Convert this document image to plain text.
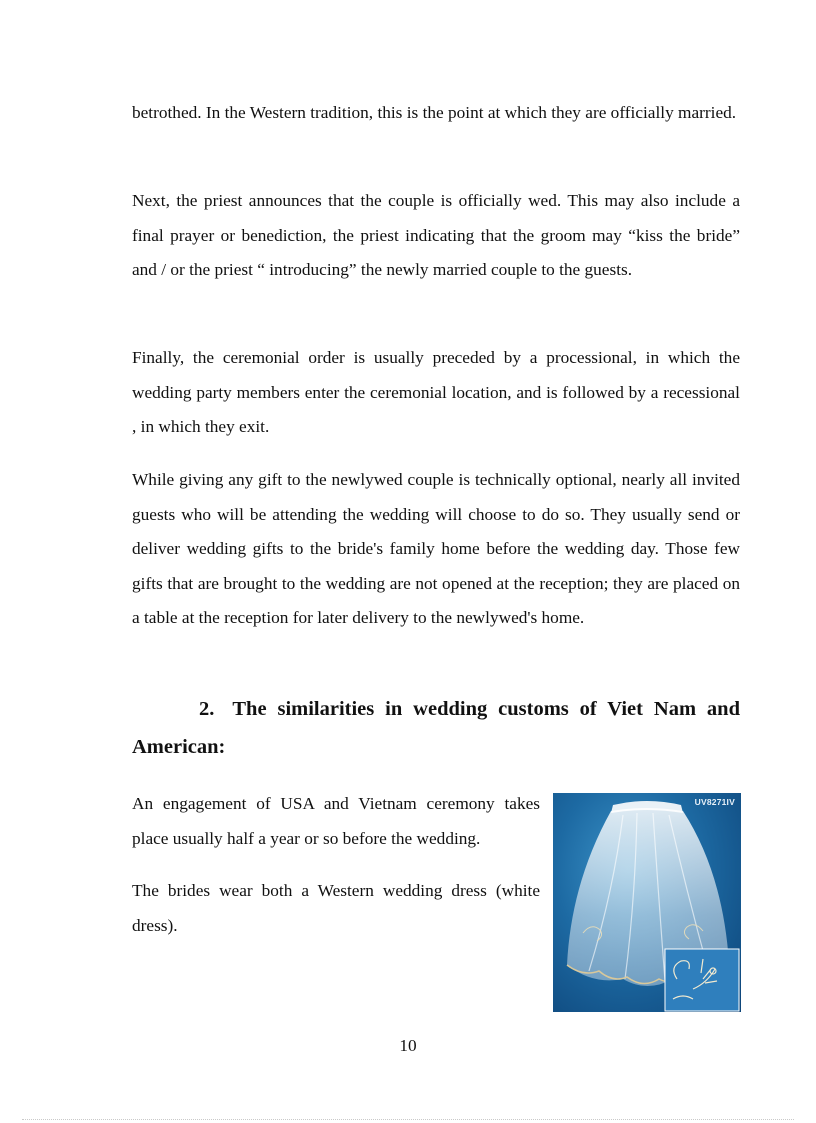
betrothed. In the Western tradition, this is the point at which they are officially married.

Next, the priest announces that the couple is officially wed. This may also include a final prayer or benediction, the priest indicating that the groom may “kiss the bride” and / or the priest “ introducing” the newly married couple to the guests.

Finally, the ceremonial order is usually preceded by a processional, in which the wedding party members enter the ceremonial location, and is followed by a recessional , in which they exit.

While giving any gift to the newlywed couple is technically optional, nearly all invited guests who will be attending the wedding will choose to do so. They usually send or deliver wedding gifts to the bride's family home before the wedding day. Those few gifts that are brought to the wedding are not opened at the reception; they are placed on a table at the reception for later delivery to the newlywed's home.

2. The similarities in wedding customs of Viet Nam and American:

An engagement of USA and Vietnam ceremony takes place usually half a year or so before the wedding.

The brides wear both a Western wedding dress (white dress).

UV8271IV
10
